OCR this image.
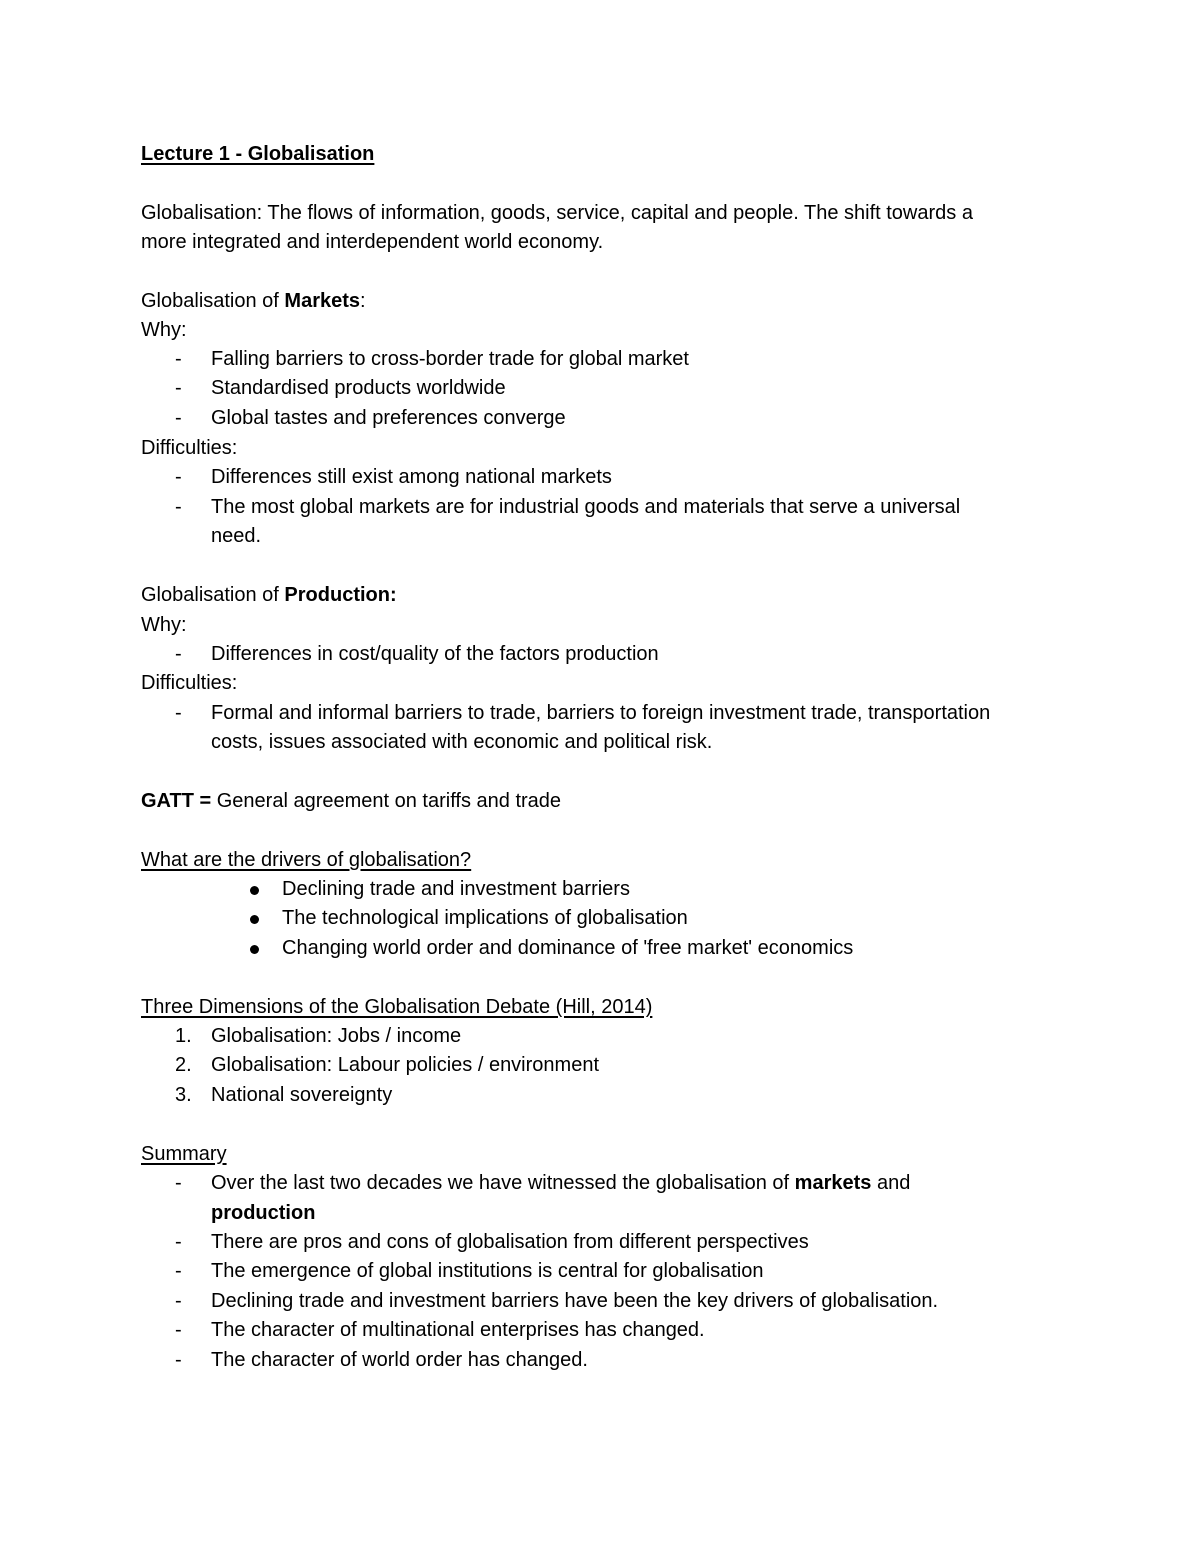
Lecture 1 - Globalisation
Globalisation: The flows of information, goods, service, capital and people. The shift towards a
more integrated and interdependent world economy.
Globalisation of Markets:
Why:
- Falling barriers to cross-border trade for global market
- Standardised products worldwide
- Global tastes and preferences converge
Difficulties:
- Differences still exist among national markets
- The most global markets are for industrial goods and materials that serve a universal
need.
Globalisation of Production:
Why:
- Differences in cost/quality of the factors production
Difficulties:
- Formal and informal barriers to trade, barriers to foreign investment trade, transportation
costs, issues associated with economic and political risk.
GATT = General agreement on tariffs and trade
What are the drivers of globalisation?
Declining trade and investment barriers
The technological implications of globalisation
Changing world order and dominance of 'free market' economics
Three Dimensions of the Globalisation Debate (Hill, 2014)
1. Globalisation: Jobs / income
2. Globalisation: Labour policies / environment
3. National sovereignty
Summary
- Over the last two decades we have witnessed the globalisation of markets and
production
- There are pros and cons of globalisation from different perspectives
- The emergence of global institutions is central for globalisation
- Declining trade and investment barriers have been the key drivers of globalisation.
- The character of multinational enterprises has changed.
- The character of world order has changed.
